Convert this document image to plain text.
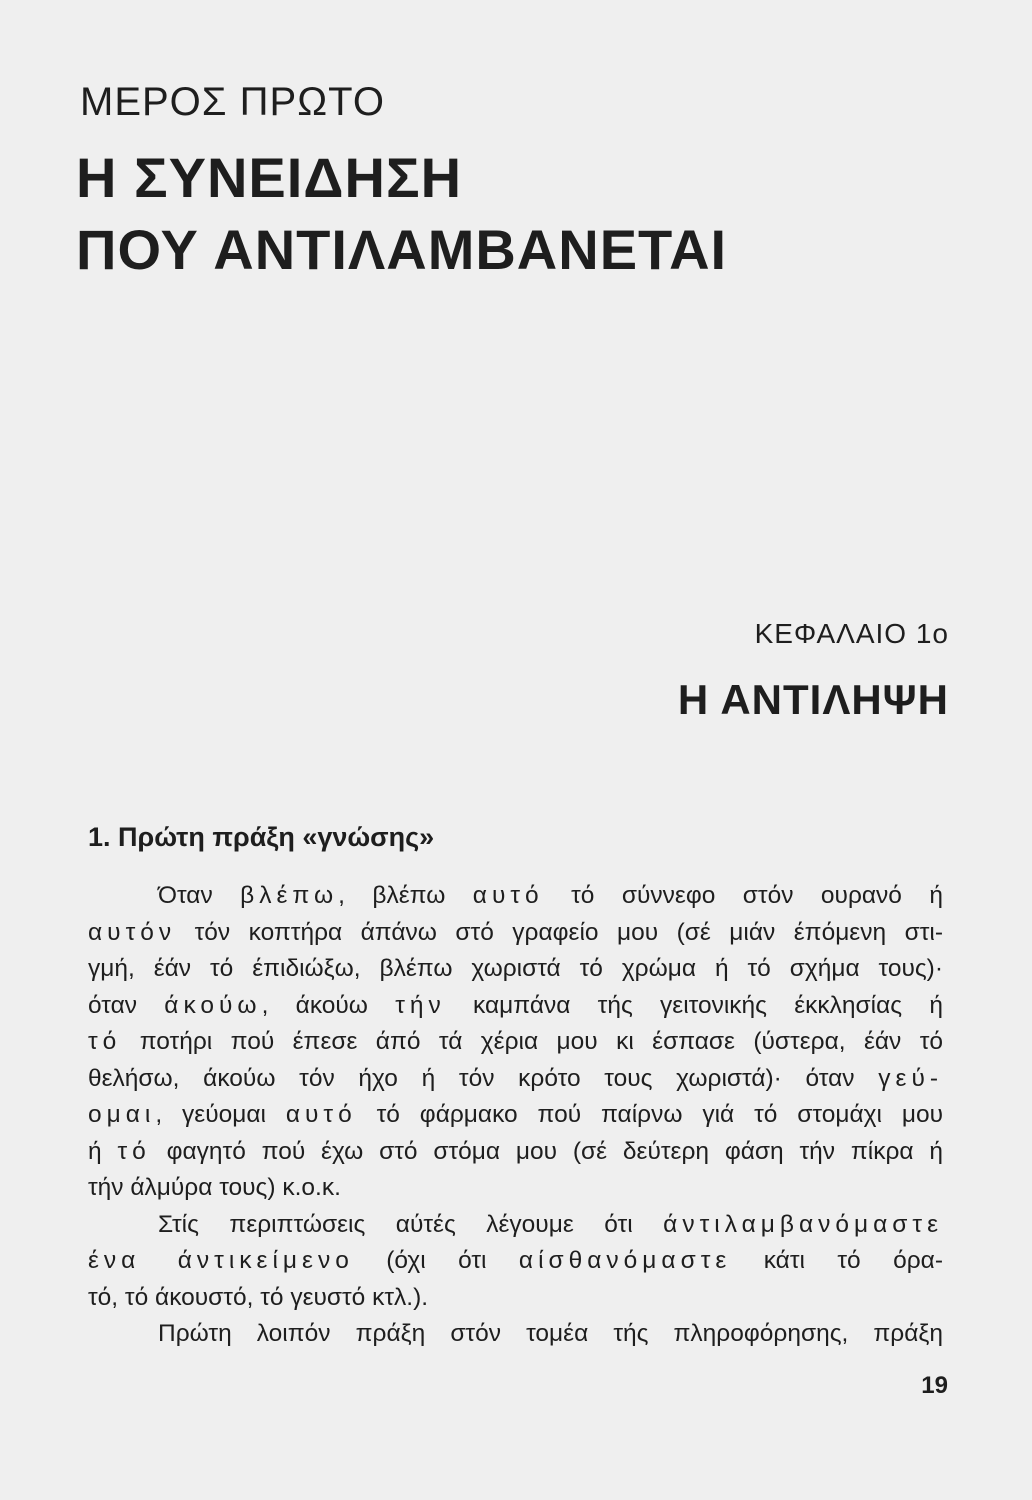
ΜΕΡΟΣ ΠΡΩΤΟ
Η ΣΥΝΕΙΔΗΣΗ
ΠΟΥ ΑΝΤΙΛΑΜΒΑΝΕΤΑΙ
ΚΕΦΑΛΑΙΟ 1ο
Η ΑΝΤΙΛΗΨΗ
1. Πρώτη πράξη «γνώσης»

Όταν βλέπω, βλέπω αυτό τό σύννεφο στόν ουρανό ή

αυτόν τόν κοπτήρα άπάνω στό γραφείο μου (σέ μιάν έπόμενη στι-

γμή, έάν τό έπιδιώξω, βλέπω χωριστά τό χρώμα ή τό σχήμα τους)·

όταν άκούω, άκούω τήν καμπάνα τής γειτονικής έκκλησίας ή

τό ποτήρι πού έπεσε άπό τά χέρια μου κι έσπασε (ύστερα, έάν τό

θελήσω, άκούω τόν ήχο ή τόν κρότο τους χωριστά)· όταν γεύ-

ομαι, γεύομαι αυτό τό φάρμακο πού παίρνω γιά τό στομάχι μου

ή τό φαγητό πού έχω στό στόμα μου (σέ δεύτερη φάση τήν πίκρα ή

τήν άλμύρα τους) κ.ο.κ.

Στίς περιπτώσεις αύτές λέγουμε ότι άντιλαμβανόμαστε

ένα άντικείμενο (όχι ότι αίσθανόμαστε κάτι τό όρα-

τό, τό άκουστό, τό γευστό κτλ.).

Πρώτη λοιπόν πράξη στόν τομέα τής πληροφόρησης, πράξη

19
